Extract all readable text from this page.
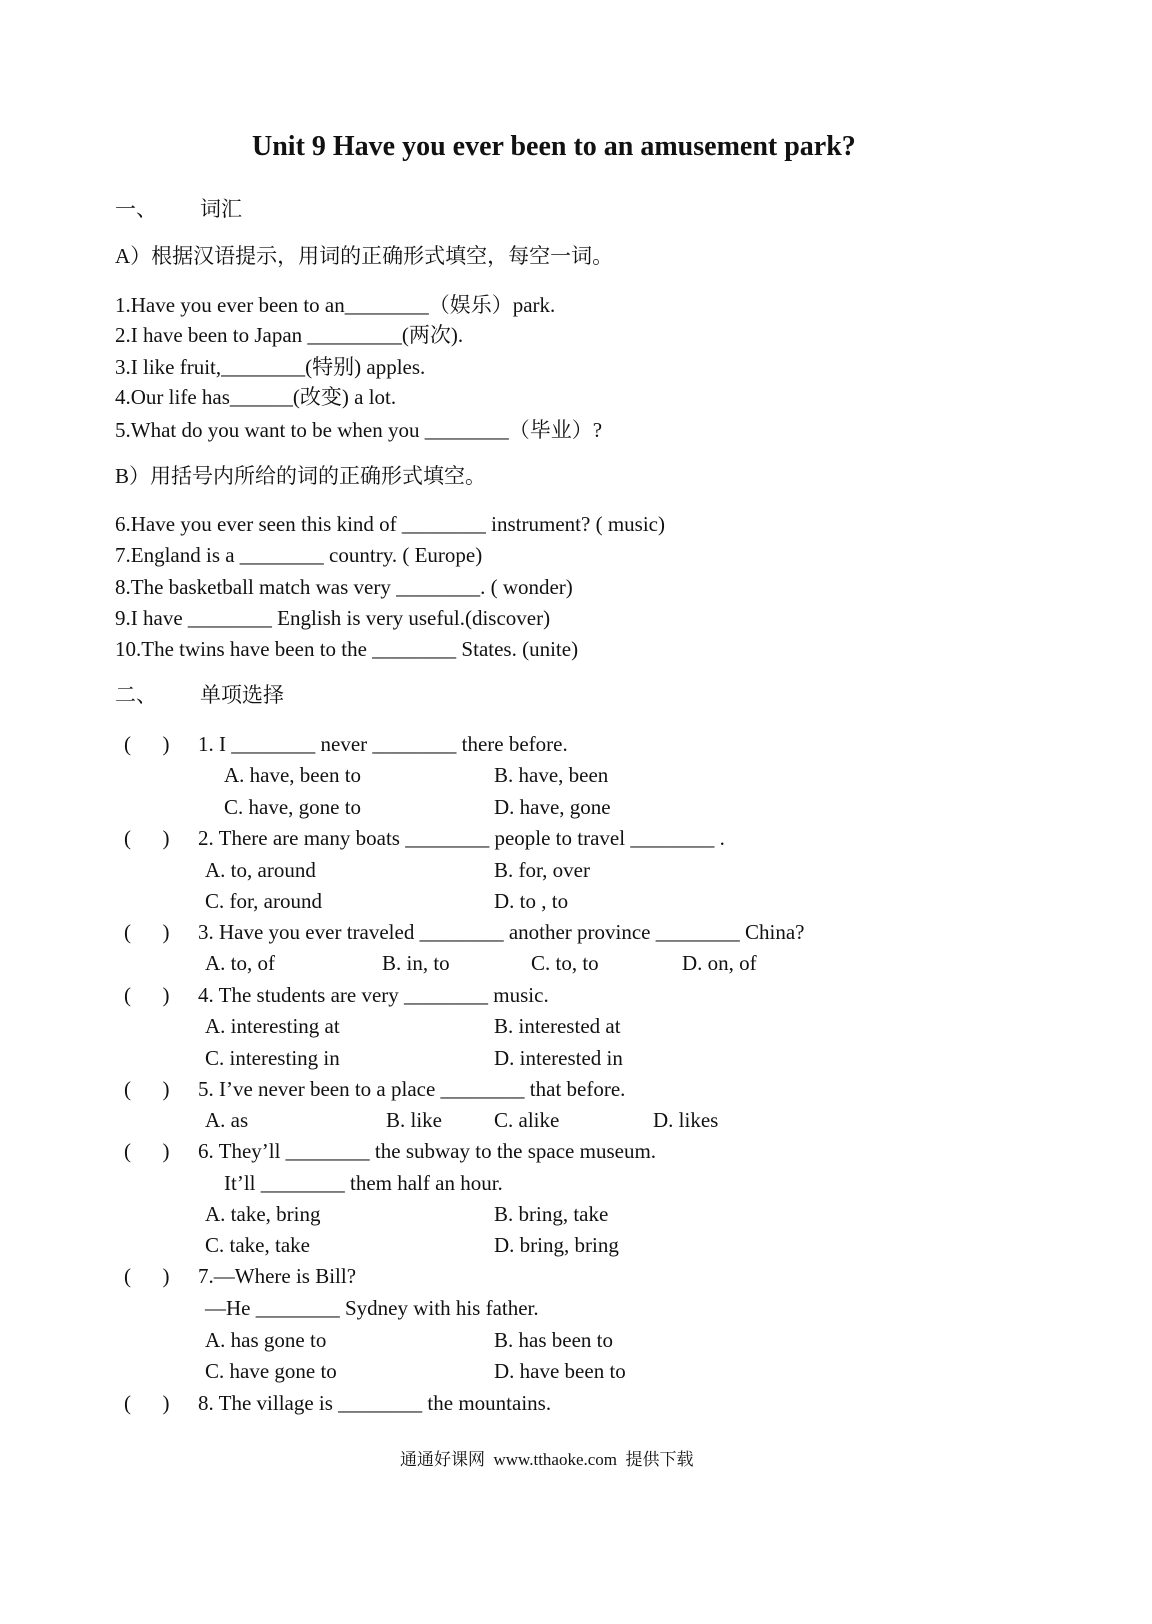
Unit 9 Have you ever been to an amusement park?
一、 词汇
A）根据汉语提示，用词的正确形式填空，每空一词。
1.Have you ever been to an________（娱乐）park.
2.I have been to Japan _________(两次).
3.I like fruit,________(特别) apples.
4.Our life has______(改变) a lot.
5.What do you want to be when you ________（毕业）?
B）用括号内所给的词的正确形式填空。
6.Have you ever seen this kind of ________ instrument? ( music)
7.England is a ________ country. ( Europe)
8.The basketball match was very ________. ( wonder)
9.I have ________ English is very useful.(discover)
10.The twins have been to the ________ States. (unite)
二、 单项选择
(      ) 1. I ________ never ________ there before.
A. have, been to	B. have, been
C. have, gone to	D. have, gone
(      ) 2. There are many boats ________ people to travel ________ .
A. to, around	B. for, over
C. for, around	D. to , to
(      ) 3. Have you ever traveled ________ another province ________ China?
A. to, of	B. in, to	C. to, to	D. on, of
(      ) 4. The students are very ________ music.
A. interesting at	B. interested at
C. interesting in	D. interested in
(      ) 5. I’ve never been to a place ________ that before.
A. as	B. like C. alike	D. likes
(      ) 6. They’ll ________ the subway to the space museum.
It’ll ________ them half an hour.
A. take, bring	B. bring, take
C. take, take	D. bring, bring
(      ) 7.—Where is Bill?
—He ________ Sydney with his father.
A. has gone to	B. has been to
C. have gone to	D. have been to
(      ) 8. The village is ________ the mountains.
通通好课网  www.tthaoke.com  提供下载
